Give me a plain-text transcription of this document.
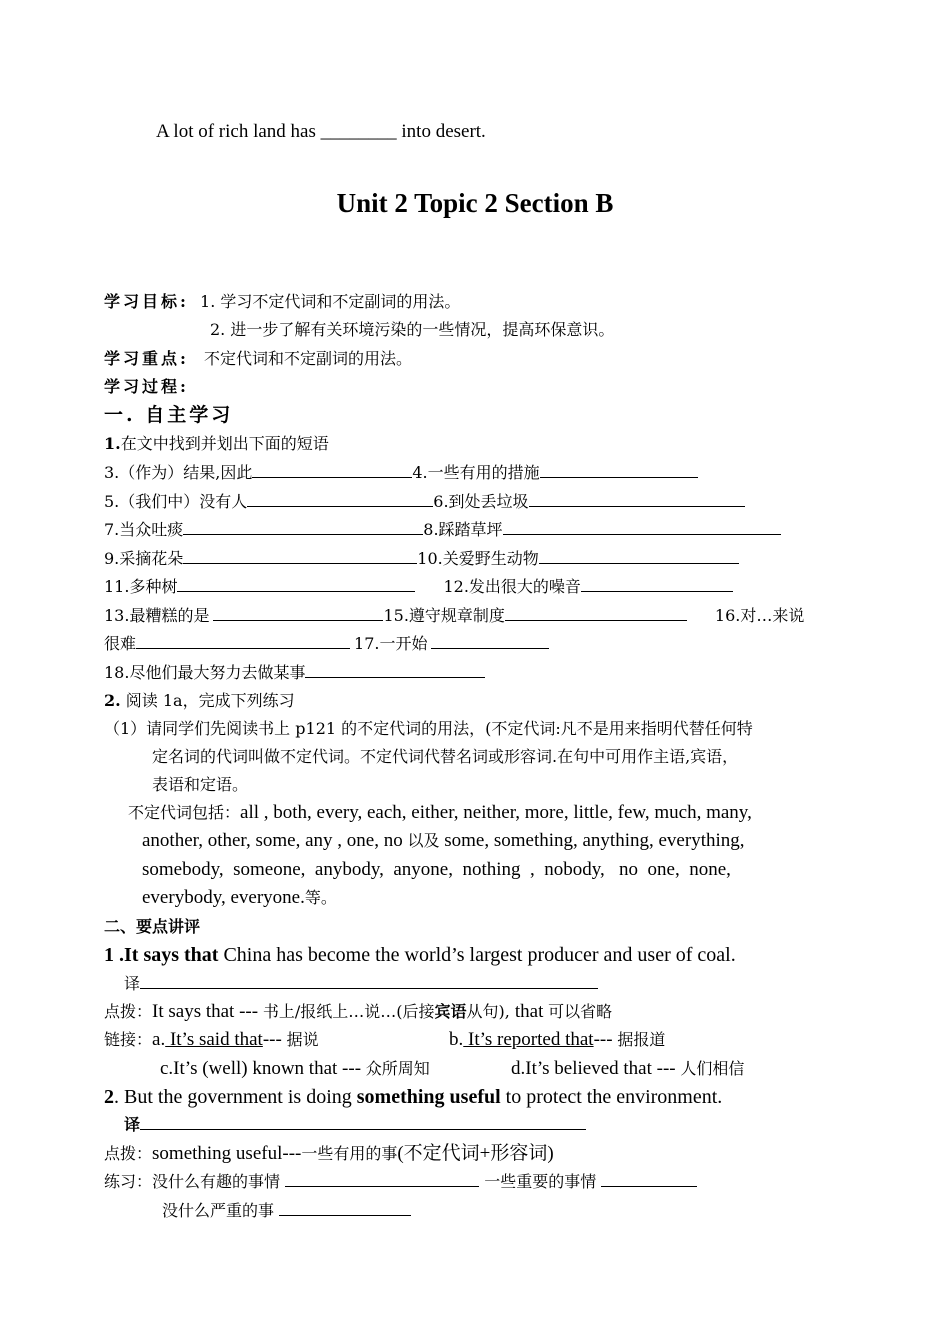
A lot of rich land has ________ into desert.
Unit 2 Topic 2 Section B
学习目标: 1. 学习不定代词和不定副词的用法。
2. 进一步了解有关环境污染的一些情况，提高环保意识。
学习重点: 不定代词和不定副词的用法。
学习过程:
一. 自主学习
1.在文中找到并划出下面的短语
3.（作为）结果,因此	4.一些有用的措施
5.（我们中）没有人	6.到处丢垃圾
7.当众吐痰	8.踩踏草坪
9.采摘花朵	10.关爱野生动物
11.多种树	12.发出很大的噪音
13.最糟糕的是	15.遵守规章制度	16.对…来说
很难	17.一开始
18.尽他们最大努力去做某事
2. 阅读 1a，完成下列练习
（1）请同学们先阅读书上 p121 的不定代词的用法，(不定代词:凡不是用来指明代替任何特
定名词的代词叫做不定代词。不定代词代替名词或形容词.在句中可用作主语,宾语，
表语和定语。
不定代词包括：all , both, every, each, either, neither, more, little, few, much, many,
another, other, some, any , one, no 以及 some, something, anything, everything,
somebody,  someone,  anybody,  anyone,  nothing  ,  nobody,   no  one,  none,
everybody, everyone.等。
二、要点讲评
1 .It says that China has become the world’s largest producer and user of coal.
译
点拨：It says that --- 书上/报纸上…说…(后接宾语从句), that 可以省略
链接：a. It’s said that--- 据说	b. It’s reported that--- 据报道
c.It’s (well) known that --- 众所周知	d.It’s believed that --- 人们相信
2. But the government is doing something useful to protect the environment.
译
点拨：something useful---一些有用的事(不定代词+形容词)
练习：没什么有趣的事情	一些重要的事情
没什么严重的事
